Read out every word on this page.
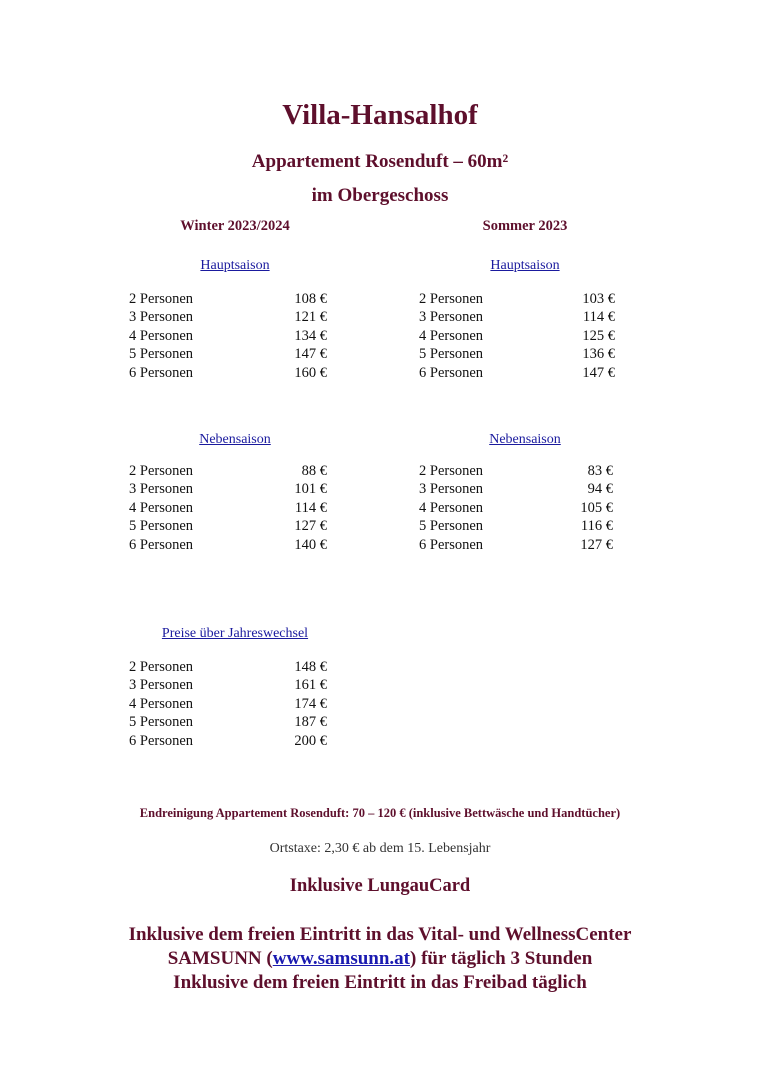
Villa-Hansalhof
Appartement Rosenduft – 60m²
im Obergeschoss
Winter 2023/2024	Sommer 2023
Hauptsaison
2 Personen	108 €
3 Personen	121 €
4 Personen	134 €
5 Personen	147 €
6 Personen	160 €
Hauptsaison
2 Personen	103 €
3 Personen	114 €
4 Personen	125 €
5 Personen	136 €
6 Personen	147 €
Nebensaison
2 Personen	88 €
3 Personen	101 €
4 Personen	114 €
5 Personen	127 €
6 Personen	140 €
Nebensaison
2 Personen	83 €
3 Personen	94 €
4 Personen	105 €
5 Personen	116 €
6 Personen	127 €
Preise über Jahreswechsel
2 Personen	148 €
3 Personen	161 €
4 Personen	174 €
5 Personen	187 €
6 Personen	200 €
Endreinigung Appartement Rosenduft: 70 – 120 € (inklusive Bettwäsche und Handtücher)
Ortstaxe: 2,30 € ab dem 15. Lebensjahr
Inklusive LungauCard
Inklusive dem freien Eintritt in das Vital- und WellnessCenter
SAMSUNN (www.samsunn.at) für täglich 3 Stunden
Inklusive dem freien Eintritt in das Freibad täglich
